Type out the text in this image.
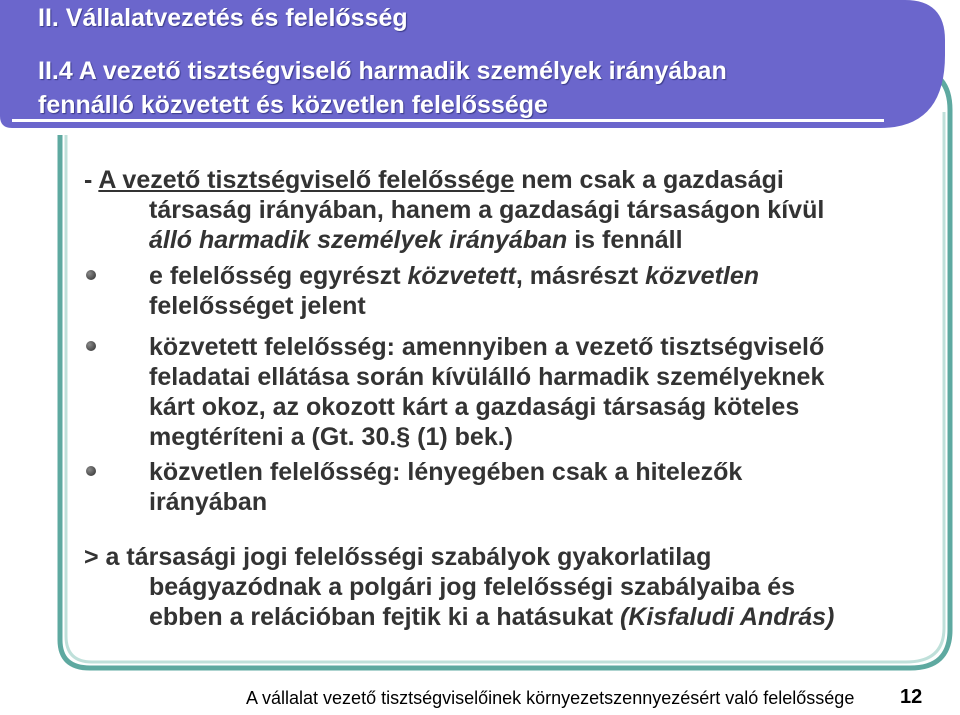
II. Vállalatvezetés és felelősség
II.4 A vezető tisztségviselő harmadik személyek irányában
fennálló közvetett és közvetlen felelőssége
- A vezető tisztségviselő felelőssége nem csak a gazdasági
társaság irányában, hanem a gazdasági társaságon kívül
álló harmadik személyek irányában is fennáll
e felelősség egyrészt közvetett, másrészt közvetlen
felelősséget jelent
közvetett felelősség: amennyiben a vezető tisztségviselő
feladatai ellátása során kívülálló harmadik személyeknek
kárt okoz, az okozott kárt a gazdasági társaság köteles
megtéríteni a (Gt. 30.§ (1) bek.)
közvetlen felelősség: lényegében csak a hitelezők
irányában
> a társasági jogi felelősségi szabályok gyakorlatilag
beágyazódnak a polgári jog felelősségi szabályaiba és
ebben a relációban fejtik ki a hatásukat (Kisfaludi András)
A vállalat vezető tisztségviselőinek környezetszennyezésért való felelőssége 12
